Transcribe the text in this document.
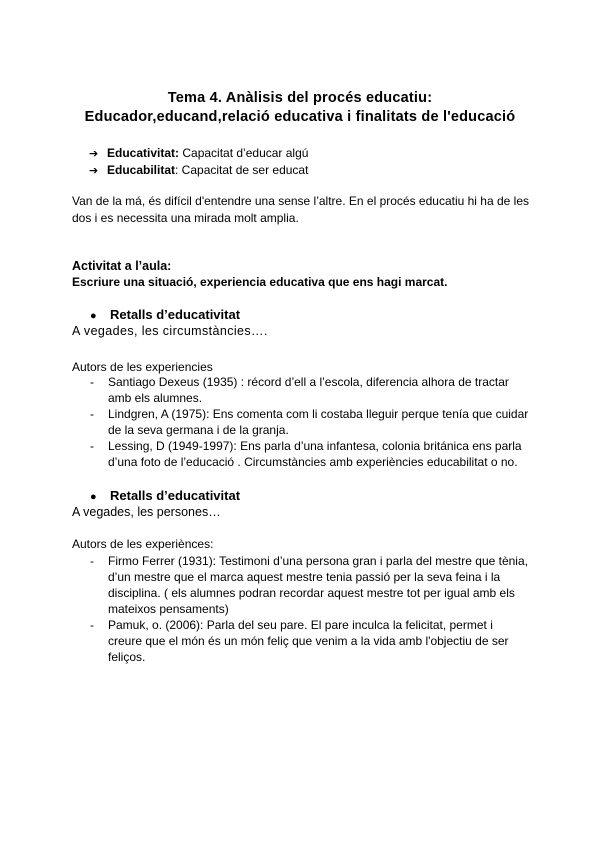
Tema 4. Anàlisis del procés educatiu:
Educador,educand,relació educativa i finalitats de l'educació
➔ Educativitat: Capacitat d’educar algú
➔ Educabilitat: Capacitat de ser educat
Van de la má, és difícil d'entendre una sense l’altre. En el procés educatiu hi ha de les dos i es necessita una mirada molt amplia.
Activitat a l’aula:
Escriure una situació, experiencia educativa que ens hagi marcat.
● Retalls d’educativitat
A vegades, les circumstàncies….
Autors de les experiencies
- Santiago Dexeus (1935) : récord d’ell a l’escola, diferencia alhora de tractar amb els alumnes.
- Lindgren, A (1975): Ens comenta com li costaba lleguir perque tenía que cuidar de la seva germana i de la granja.
- Lessing, D (1949-1997): Ens parla d’una infantesa, colonia británica ens parla d’una foto de l’educació . Circumstàncies amb experiències educabilitat o no.
● Retalls d’educativitat
A vegades, les persones…
Autors de les experiènces:
- Firmo Ferrer (1931): Testimoni d’una persona gran i parla del mestre que tènia, d’un mestre que el marca aquest mestre tenia passió per la seva feina i la disciplina. ( els alumnes podran recordar aquest mestre tot per igual amb els mateixos pensaments)
- Pamuk, o. (2006): Parla del seu pare. El pare inculca la felicitat, permet i creure que el món és un món feliç que venim a la vida amb l'objectiu de ser feliços.
